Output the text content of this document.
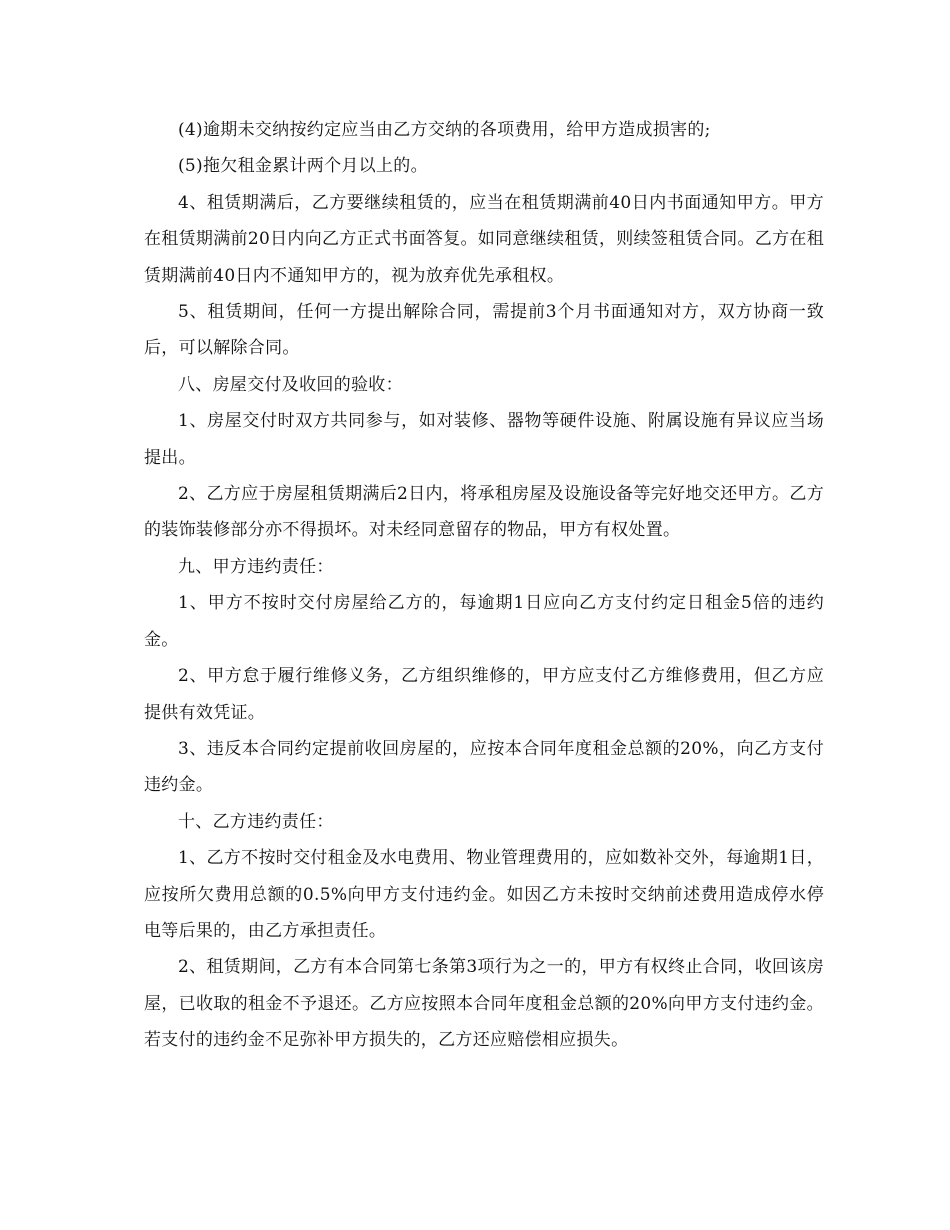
(4)逾期未交纳按约定应当由乙方交纳的各项费用，给甲方造成损害的;

(5)拖欠租金累计两个月以上的。

4、租赁期满后，乙方要继续租赁的，应当在租赁期满前40日内书面通知甲方。甲方在租赁期满前20日内向乙方正式书面答复。如同意继续租赁，则续签租赁合同。乙方在租赁期满前40日内不通知甲方的，视为放弃优先承租权。

5、租赁期间，任何一方提出解除合同，需提前3个月书面通知对方，双方协商一致后，可以解除合同。

八、房屋交付及收回的验收：

1、房屋交付时双方共同参与，如对装修、器物等硬件设施、附属设施有异议应当场提出。

2、乙方应于房屋租赁期满后2日内，将承租房屋及设施设备等完好地交还甲方。乙方的装饰装修部分亦不得损坏。对未经同意留存的物品，甲方有权处置。

九、甲方违约责任：

1、甲方不按时交付房屋给乙方的，每逾期1日应向乙方支付约定日租金5倍的违约金。

2、甲方怠于履行维修义务，乙方组织维修的，甲方应支付乙方维修费用，但乙方应提供有效凭证。

3、违反本合同约定提前收回房屋的，应按本合同年度租金总额的20%，向乙方支付违约金。

十、乙方违约责任：

1、乙方不按时交付租金及水电费用、物业管理费用的，应如数补交外，每逾期1日，应按所欠费用总额的0.5%向甲方支付违约金。如因乙方未按时交纳前述费用造成停水停电等后果的，由乙方承担责任。

2、租赁期间，乙方有本合同第七条第3项行为之一的，甲方有权终止合同，收回该房屋，已收取的租金不予退还。乙方应按照本合同年度租金总额的20%向甲方支付违约金。若支付的违约金不足弥补甲方损失的，乙方还应赔偿相应损失。
